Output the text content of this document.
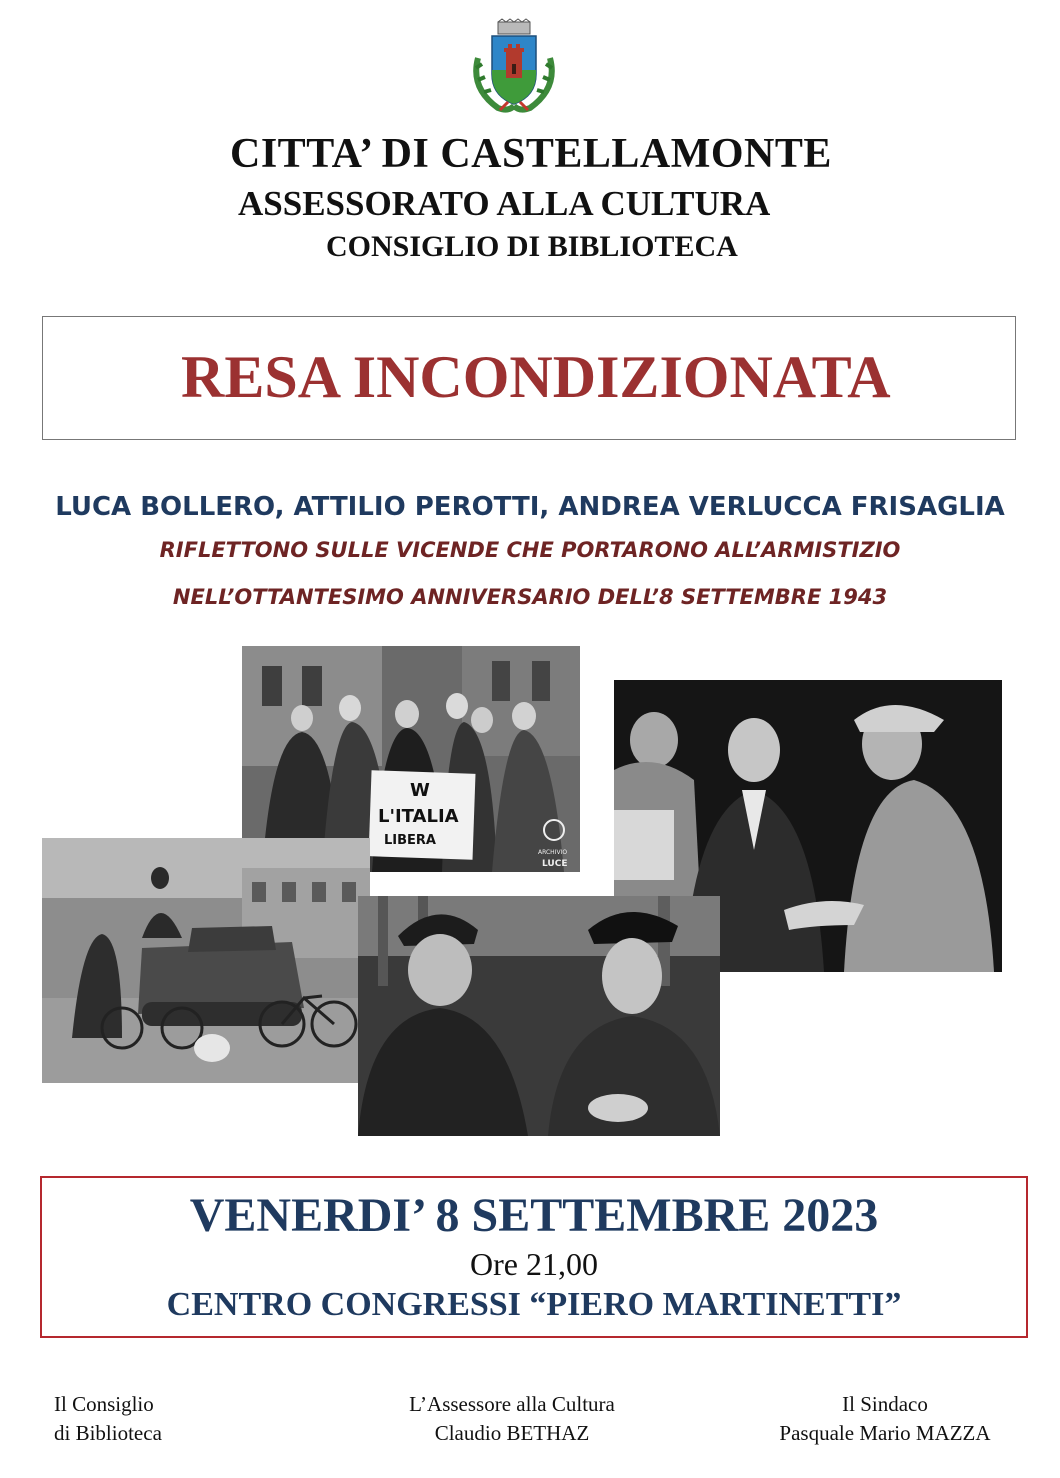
CITTA’ DI CASTELLAMONTE
ASSESSORATO ALLA CULTURA
CONSIGLIO DI BIBLIOTECA
RESA INCONDIZIONATA
LUCA BOLLERO, ATTILIO PEROTTI, ANDREA VERLUCCA FRISAGLIA
RIFLETTONO SULLE VICENDE CHE PORTARONO ALL’ARMISTIZIO
NELL’OTTANTESIMO ANNIVERSARIO DELL’8 SETTEMBRE 1943
W
L'ITALIA
LIBERA
ARCHIVIO
LUCE
VENERDI’ 8 SETTEMBRE 2023
Ore 21,00
CENTRO CONGRESSI “PIERO MARTINETTI”
Il Consiglio
di Biblioteca
L’Assessore alla Cultura
Claudio BETHAZ
Il Sindaco
Pasquale Mario MAZZA
